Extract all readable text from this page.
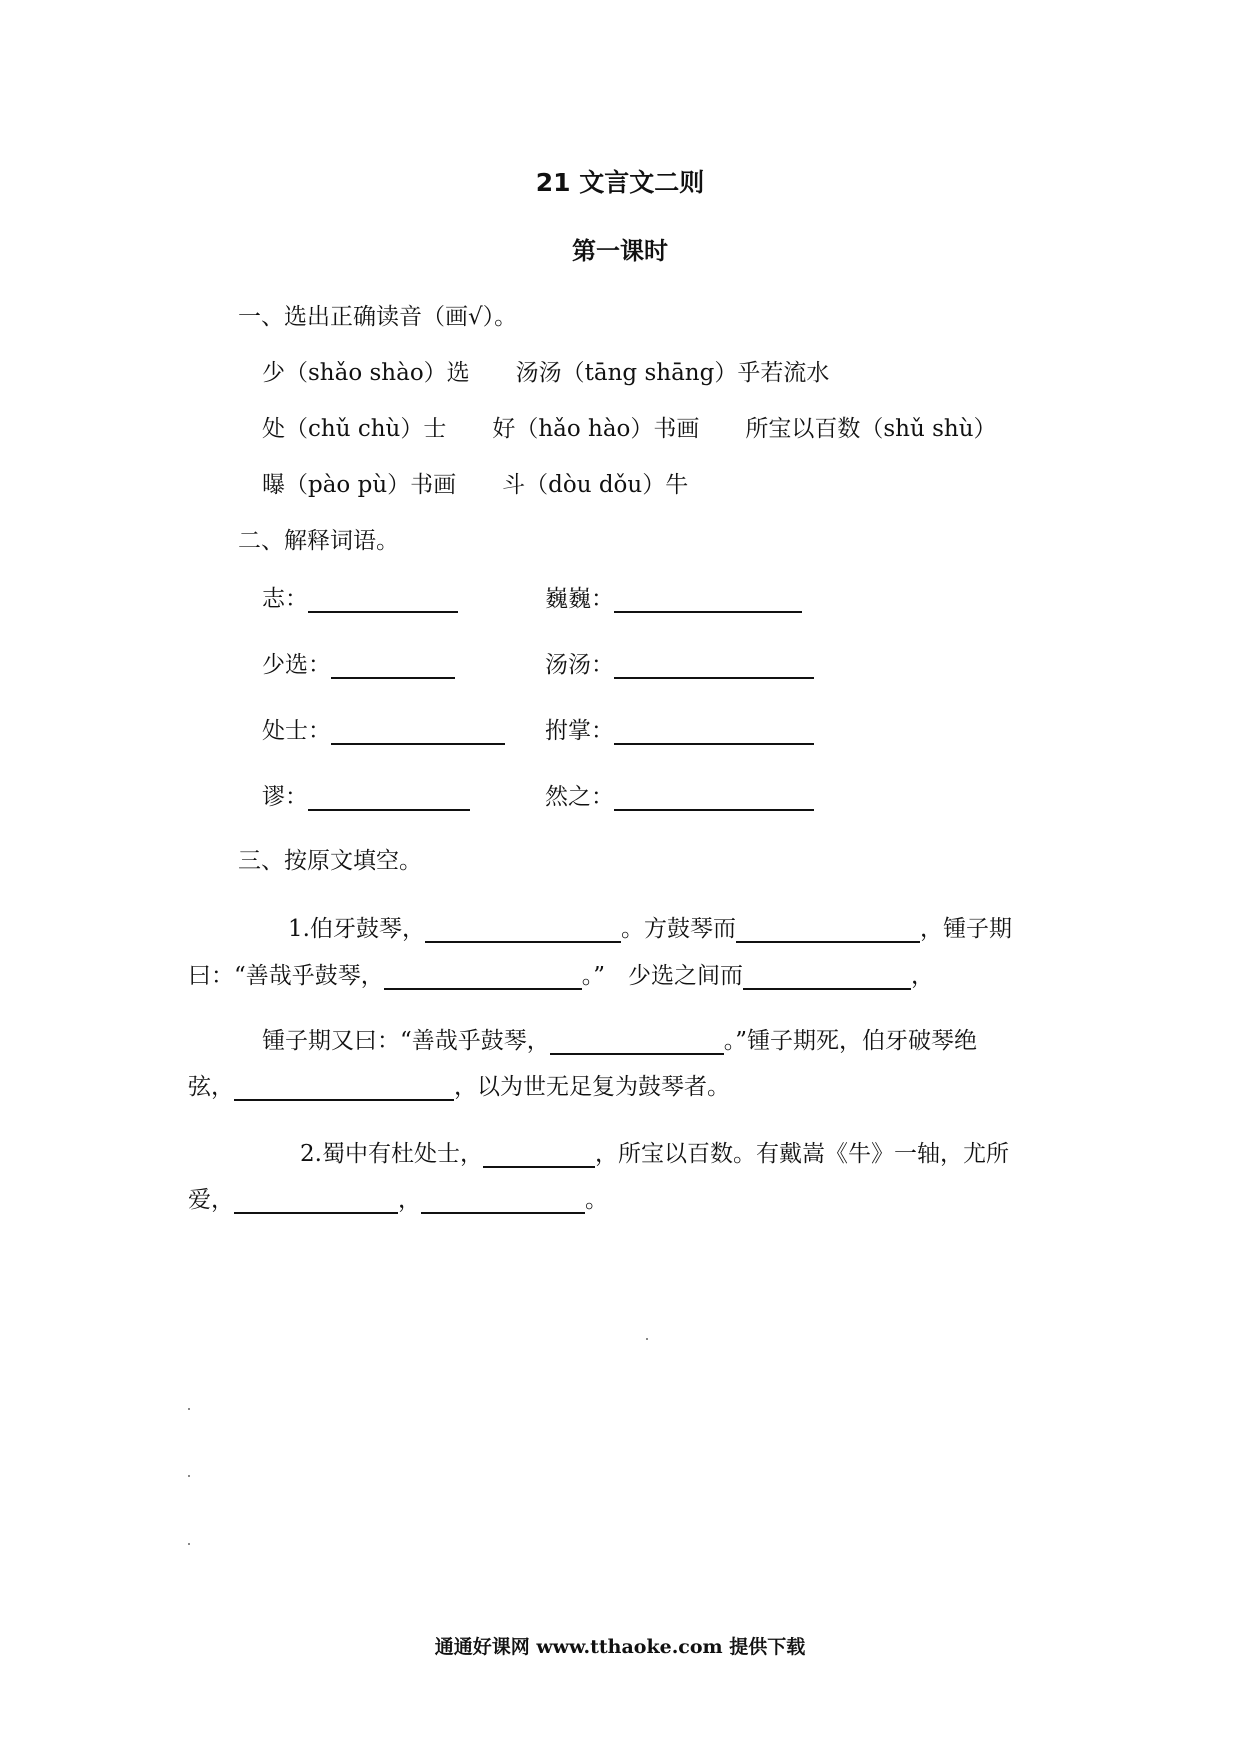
21 文言文二则
第一课时
一、选出正确读音（画√）。
少（shǎo shào）选　　汤汤（tāng shāng）乎若流水
处（chǔ chù）士　　好（hǎo hào）书画　　所宝以百数（shǔ shù）
曝（pào pù）书画　　斗（dòu dǒu）牛
二、解释词语。
志：	巍巍：
少选：	汤汤：
处士：	拊掌：
谬：	然之：
三、按原文填空。
1.伯牙鼓琴，	。方鼓琴而	，锺子期
曰：“善哉乎鼓琴，	。”　少选之间而	，
锺子期又曰：“善哉乎鼓琴，	。”锺子期死，伯牙破琴绝
弦，	，以为世无足复为鼓琴者。
2.蜀中有杜处士，	，所宝以百数。有戴嵩《牛》一轴，尤所
爱，	，	。
通通好课网 www.tthaoke.com 提供下载
